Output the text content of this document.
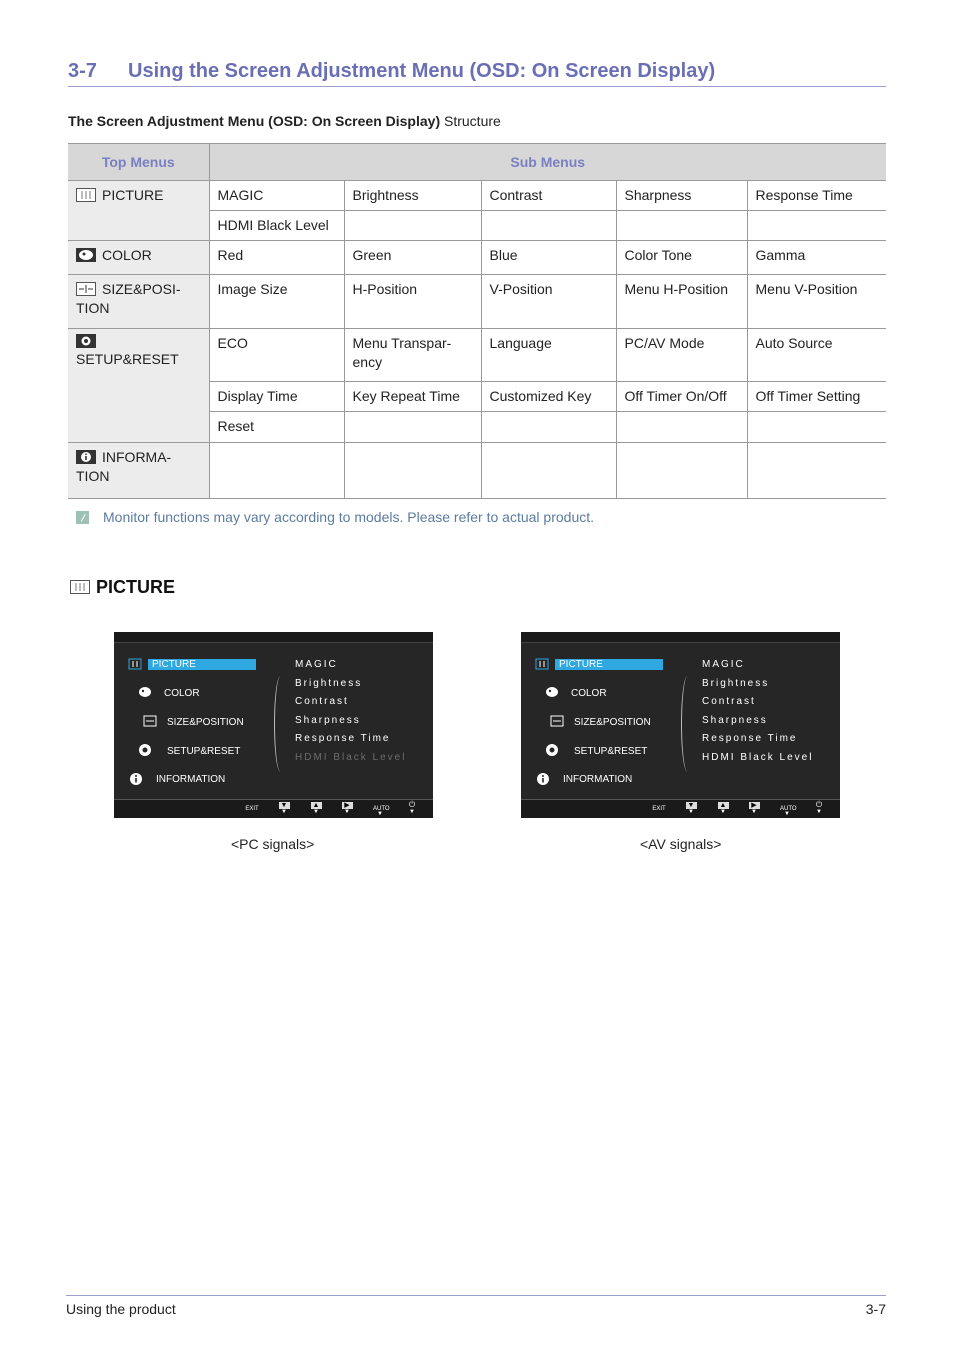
3-7 Using the Screen Adjustment Menu (OSD: On Screen Display)
The Screen Adjustment Menu (OSD: On Screen Display) Structure
Top Menus	Sub Menus				
PICTURE	MAGIC	Brightness	Contrast	Sharpness	Response Time
	HDMI Black Level				
COLOR	Red	Green	Blue	Color Tone	Gamma
SIZE&POSI-TION	Image Size	H-Position	V-Position	Menu H-Position	Menu V-Position

SETUP&RESET	ECO	Menu Transpar-ency	Language	PC/AV Mode	Auto Source
	Display Time	Key Repeat Time	Customized Key	Off Timer On/Off	Off Timer Setting
	Reset				
INFORMA-TION					
Monitor functions may vary according to models. Please refer to actual product.
PICTURE
PICTURE
COLOR
SIZE&POSITION
SETUP&RESET
INFORMATION
MAGIC
Brightness
Contrast
Sharpness
Response Time
HDMI Black Level
EXIT	▼
▼
▲
▼
▶
▼	AUTO
▼
⏻
▼
PICTURE
COLOR
SIZE&POSITION
SETUP&RESET
INFORMATION
MAGIC
Brightness
Contrast
Sharpness
Response Time
HDMI Black Level
EXIT	▼
▼
▲
▼
▶
▼	AUTO
▼
⏻
▼
<PC signals>	<AV signals>
Using the product	3-7
